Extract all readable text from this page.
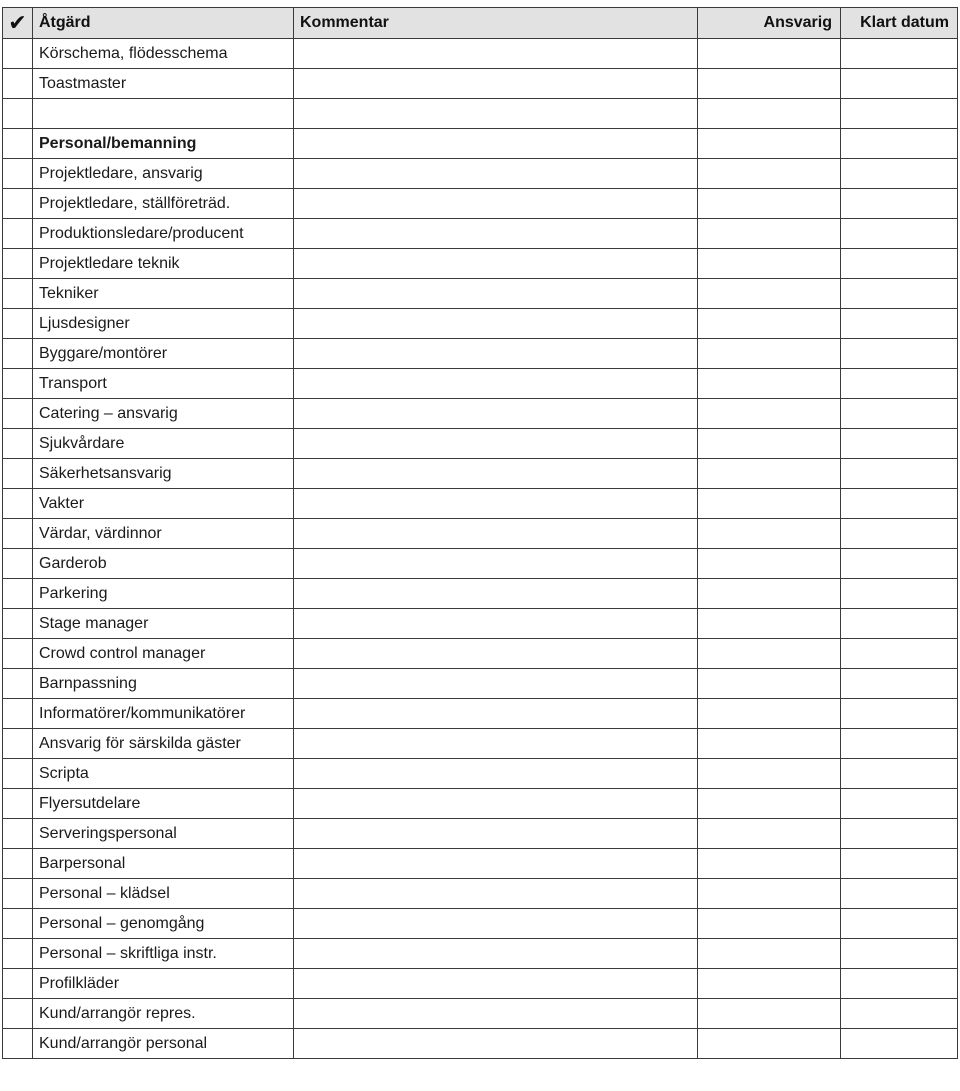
✔	Åtgärd	Kommentar	Ansvarig	Klart datum
	Körschema, flödesschema			
	Toastmaster			

	Personal/bemanning			
	Projektledare, ansvarig			
	Projektledare, ställföreträd.			
	Produktionsledare/producent			
	Projektledare teknik			
	Tekniker			
	Ljusdesigner			
	Byggare/montörer			
	Transport			
	Catering – ansvarig			
	Sjukvårdare			
	Säkerhetsansvarig			
	Vakter			
	Värdar, värdinnor			
	Garderob			
	Parkering			
	Stage manager			
	Crowd control manager			
	Barnpassning			
	Informatörer/kommunikatörer			
	Ansvarig för särskilda gäster			
	Scripta			
	Flyersutdelare			
	Serveringspersonal			
	Barpersonal			
	Personal – klädsel			
	Personal – genomgång			
	Personal – skriftliga instr.			
	Profilkläder			
	Kund/arrangör repres.			
	Kund/arrangör personal			
